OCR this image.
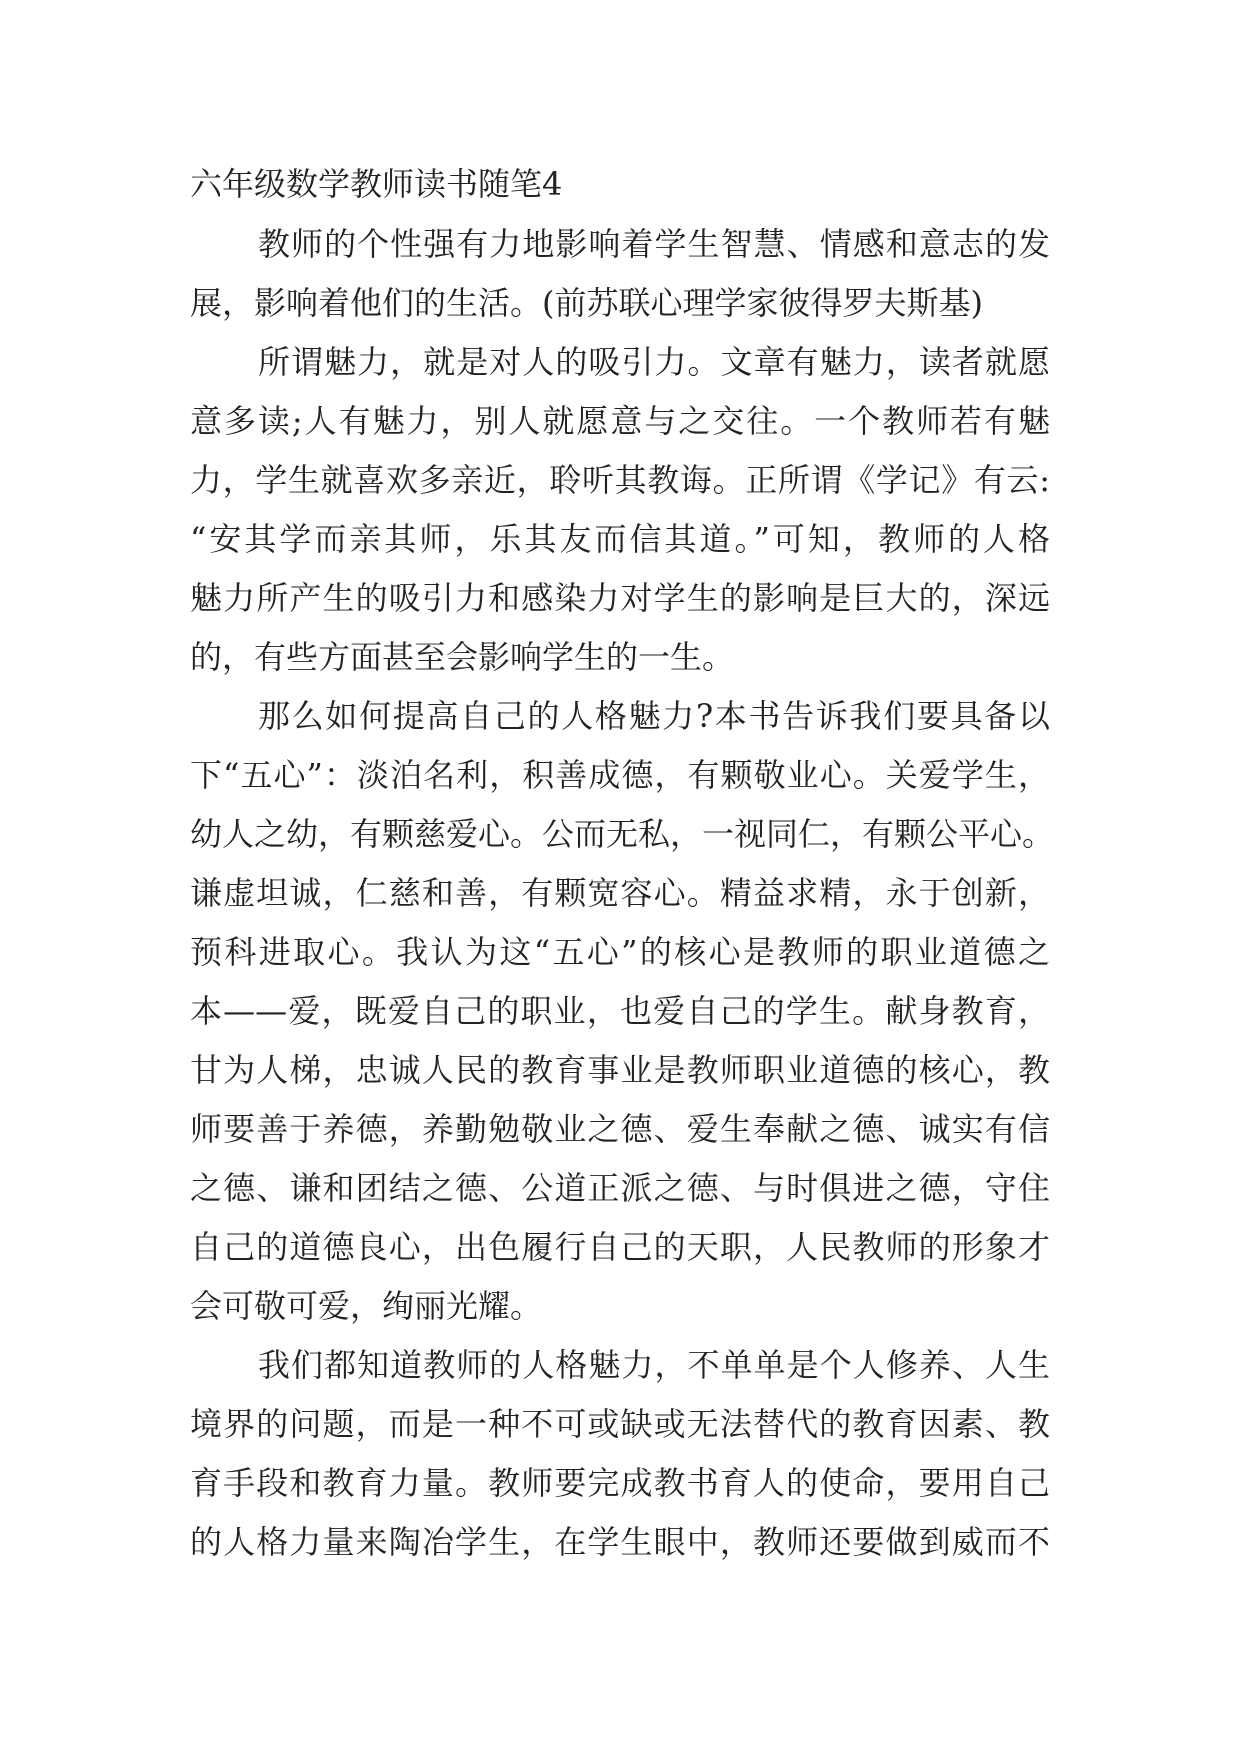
六年级数学教师读书随笔4
教师的个性强有力地影响着学生智慧、情感和意志的发
展，影响着他们的生活。(前苏联心理学家彼得罗夫斯基)
所谓魅力，就是对人的吸引力。文章有魅力，读者就愿
意多读;人有魅力，别人就愿意与之交往。一个教师若有魅
力，学生就喜欢多亲近，聆听其教诲。正所谓《学记》有云:
“安其学而亲其师，乐其友而信其道。”可知，教师的人格
魅力所产生的吸引力和感染力对学生的影响是巨大的，深远
的，有些方面甚至会影响学生的一生。
那么如何提高自己的人格魅力?本书告诉我们要具备以
下“五心”：淡泊名利，积善成德，有颗敬业心。关爱学生，
幼人之幼，有颗慈爱心。公而无私，一视同仁，有颗公平心。
谦虚坦诚，仁慈和善，有颗宽容心。精益求精，永于创新，
预科进取心。我认为这“五心”的核心是教师的职业道德之
本——爱，既爱自己的职业，也爱自己的学生。献身教育，
甘为人梯，忠诚人民的教育事业是教师职业道德的核心，教
师要善于养德，养勤勉敬业之德、爱生奉献之德、诚实有信
之德、谦和团结之德、公道正派之德、与时俱进之德，守住
自己的道德良心，出色履行自己的天职，人民教师的形象才
会可敬可爱，绚丽光耀。
我们都知道教师的人格魅力，不单单是个人修养、人生
境界的问题，而是一种不可或缺或无法替代的教育因素、教
育手段和教育力量。教师要完成教书育人的使命，要用自己
的人格力量来陶冶学生，在学生眼中，教师还要做到威而不
